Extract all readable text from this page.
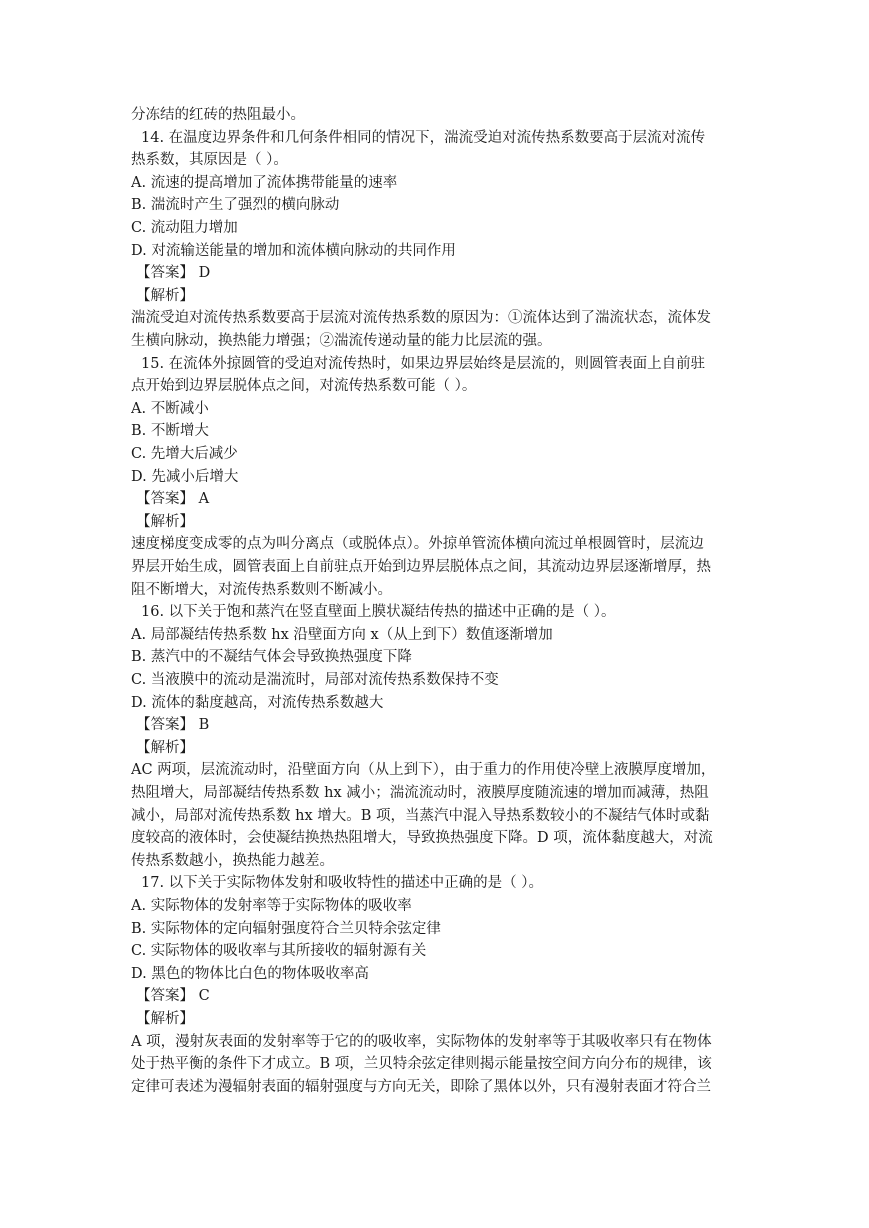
分冻结的红砖的热阻最小。
14. 在温度边界条件和几何条件相同的情况下，湍流受迫对流传热系数要高于层流对流传
热系数，其原因是（ ）。
A. 流速的提高增加了流体携带能量的速率
B. 湍流时产生了强烈的横向脉动
C. 流动阻力增加
D. 对流输送能量的增加和流体横向脉动的共同作用
【答案】 D
【解析】
湍流受迫对流传热系数要高于层流对流传热系数的原因为：①流体达到了湍流状态，流体发
生横向脉动，换热能力增强；②湍流传递动量的能力比层流的强。
15. 在流体外掠圆管的受迫对流传热时，如果边界层始终是层流的，则圆管表面上自前驻
点开始到边界层脱体点之间，对流传热系数可能（ ）。
A. 不断减小
B. 不断增大
C. 先增大后减少
D. 先减小后增大
【答案】 A
【解析】
速度梯度变成零的点为叫分离点（或脱体点）。外掠单管流体横向流过单根圆管时，层流边
界层开始生成，圆管表面上自前驻点开始到边界层脱体点之间，其流动边界层逐渐增厚，热
阻不断增大，对流传热系数则不断减小。
16. 以下关于饱和蒸汽在竖直壁面上膜状凝结传热的描述中正确的是（ ）。
A. 局部凝结传热系数 hx 沿壁面方向 x（从上到下）数值逐渐增加
B. 蒸汽中的不凝结气体会导致换热强度下降
C. 当液膜中的流动是湍流时，局部对流传热系数保持不变
D. 流体的黏度越高，对流传热系数越大
【答案】 B
【解析】
AC 两项，层流流动时，沿壁面方向（从上到下），由于重力的作用使冷壁上液膜厚度增加，
热阻增大，局部凝结传热系数 hx 减小；湍流流动时，液膜厚度随流速的增加而减薄，热阻
减小，局部对流传热系数 hx 增大。B 项，当蒸汽中混入导热系数较小的不凝结气体时或黏
度较高的液体时，会使凝结换热热阻增大，导致换热强度下降。D 项，流体黏度越大，对流
传热系数越小，换热能力越差。
17. 以下关于实际物体发射和吸收特性的描述中正确的是（ ）。
A. 实际物体的发射率等于实际物体的吸收率
B. 实际物体的定向辐射强度符合兰贝特余弦定律
C. 实际物体的吸收率与其所接收的辐射源有关
D. 黑色的物体比白色的物体吸收率高
【答案】 C
【解析】
A 项，漫射灰表面的发射率等于它的的吸收率，实际物体的发射率等于其吸收率只有在物体
处于热平衡的条件下才成立。B 项，兰贝特余弦定律则揭示能量按空间方向分布的规律，该
定律可表述为漫辐射表面的辐射强度与方向无关，即除了黑体以外，只有漫射表面才符合兰
